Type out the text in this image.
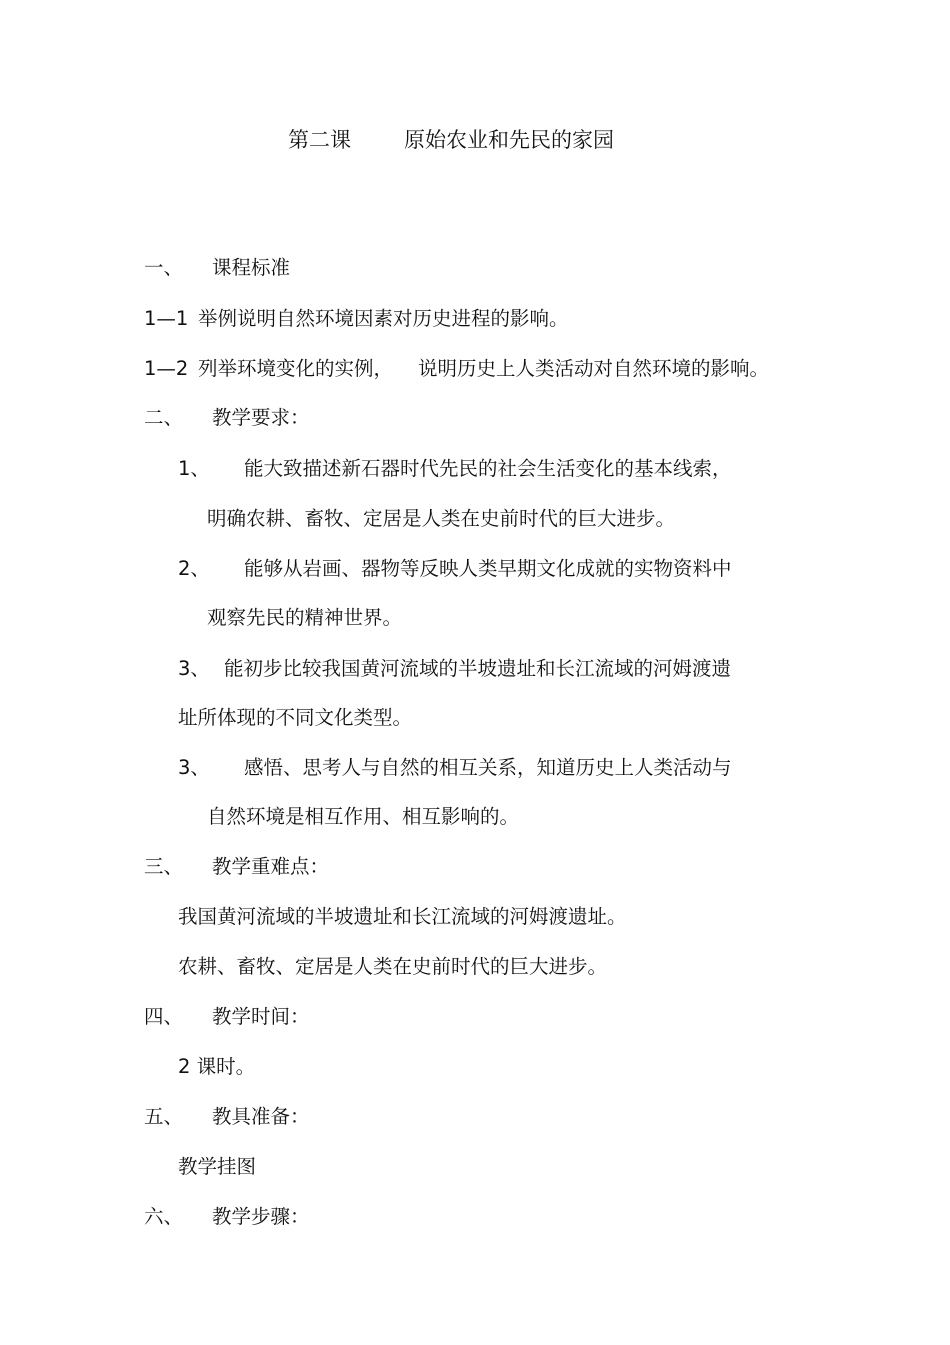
第二课	原始农业和先民的家园
一、 课程标准
1—1 举例说明自然环境因素对历史进程的影响。
1—2 列举环境变化的实例， 说明历史上人类活动对自然环境的影响。
二、 教学要求：
1、 能大致描述新石器时代先民的社会生活变化的基本线索，
明确农耕、畜牧、定居是人类在史前时代的巨大进步。
2、 能够从岩画、器物等反映人类早期文化成就的实物资料中
观察先民的精神世界。
3、 能初步比较我国黄河流域的半坡遗址和长江流域的河姆渡遗
址所体现的不同文化类型。
3、 感悟、思考人与自然的相互关系，知道历史上人类活动与
自然环境是相互作用、相互影响的。
三、 教学重难点：
我国黄河流域的半坡遗址和长江流域的河姆渡遗址。
农耕、畜牧、定居是人类在史前时代的巨大进步。
四、 教学时间：
2 课时。
五、 教具准备：
教学挂图
六、 教学步骤：
